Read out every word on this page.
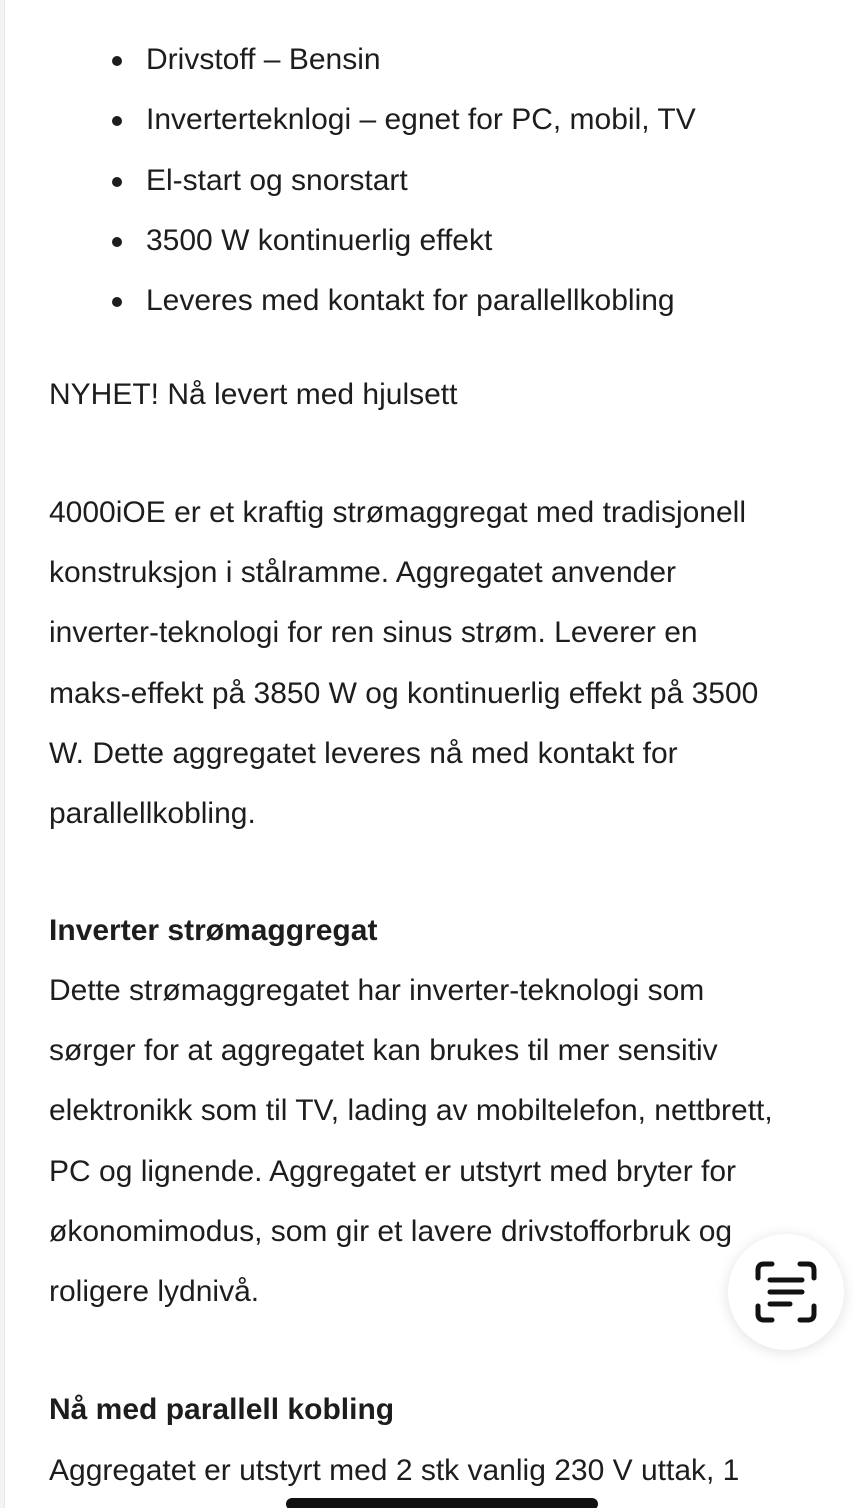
Drivstoff – Bensin
Inverterteknlogi – egnet for PC, mobil, TV
El-start og snorstart
3500 W kontinuerlig effekt
Leveres med kontakt for parallellkobling

NYHET! Nå levert med hjulsett

4000iOE er et kraftig strømaggregat med tradisjonell
konstruksjon i stålramme. Aggregatet anvender
inverter-teknologi for ren sinus strøm. Leverer en
maks-effekt på 3850 W og kontinuerlig effekt på 3500
W. Dette aggregatet leveres nå med kontakt for
parallellkobling.
Inverter strømaggregat
Dette strømaggregatet har inverter-teknologi som
sørger for at aggregatet kan brukes til mer sensitiv
elektronikk som til TV, lading av mobiltelefon, nettbrett,
PC og lignende. Aggregatet er utstyrt med bryter for
økonomimodus, som gir et lavere drivstofforbruk og
roligere lydnivå.
Nå med parallell kobling
Aggregatet er utstyrt med 2 stk vanlig 230 V uttak, 1
